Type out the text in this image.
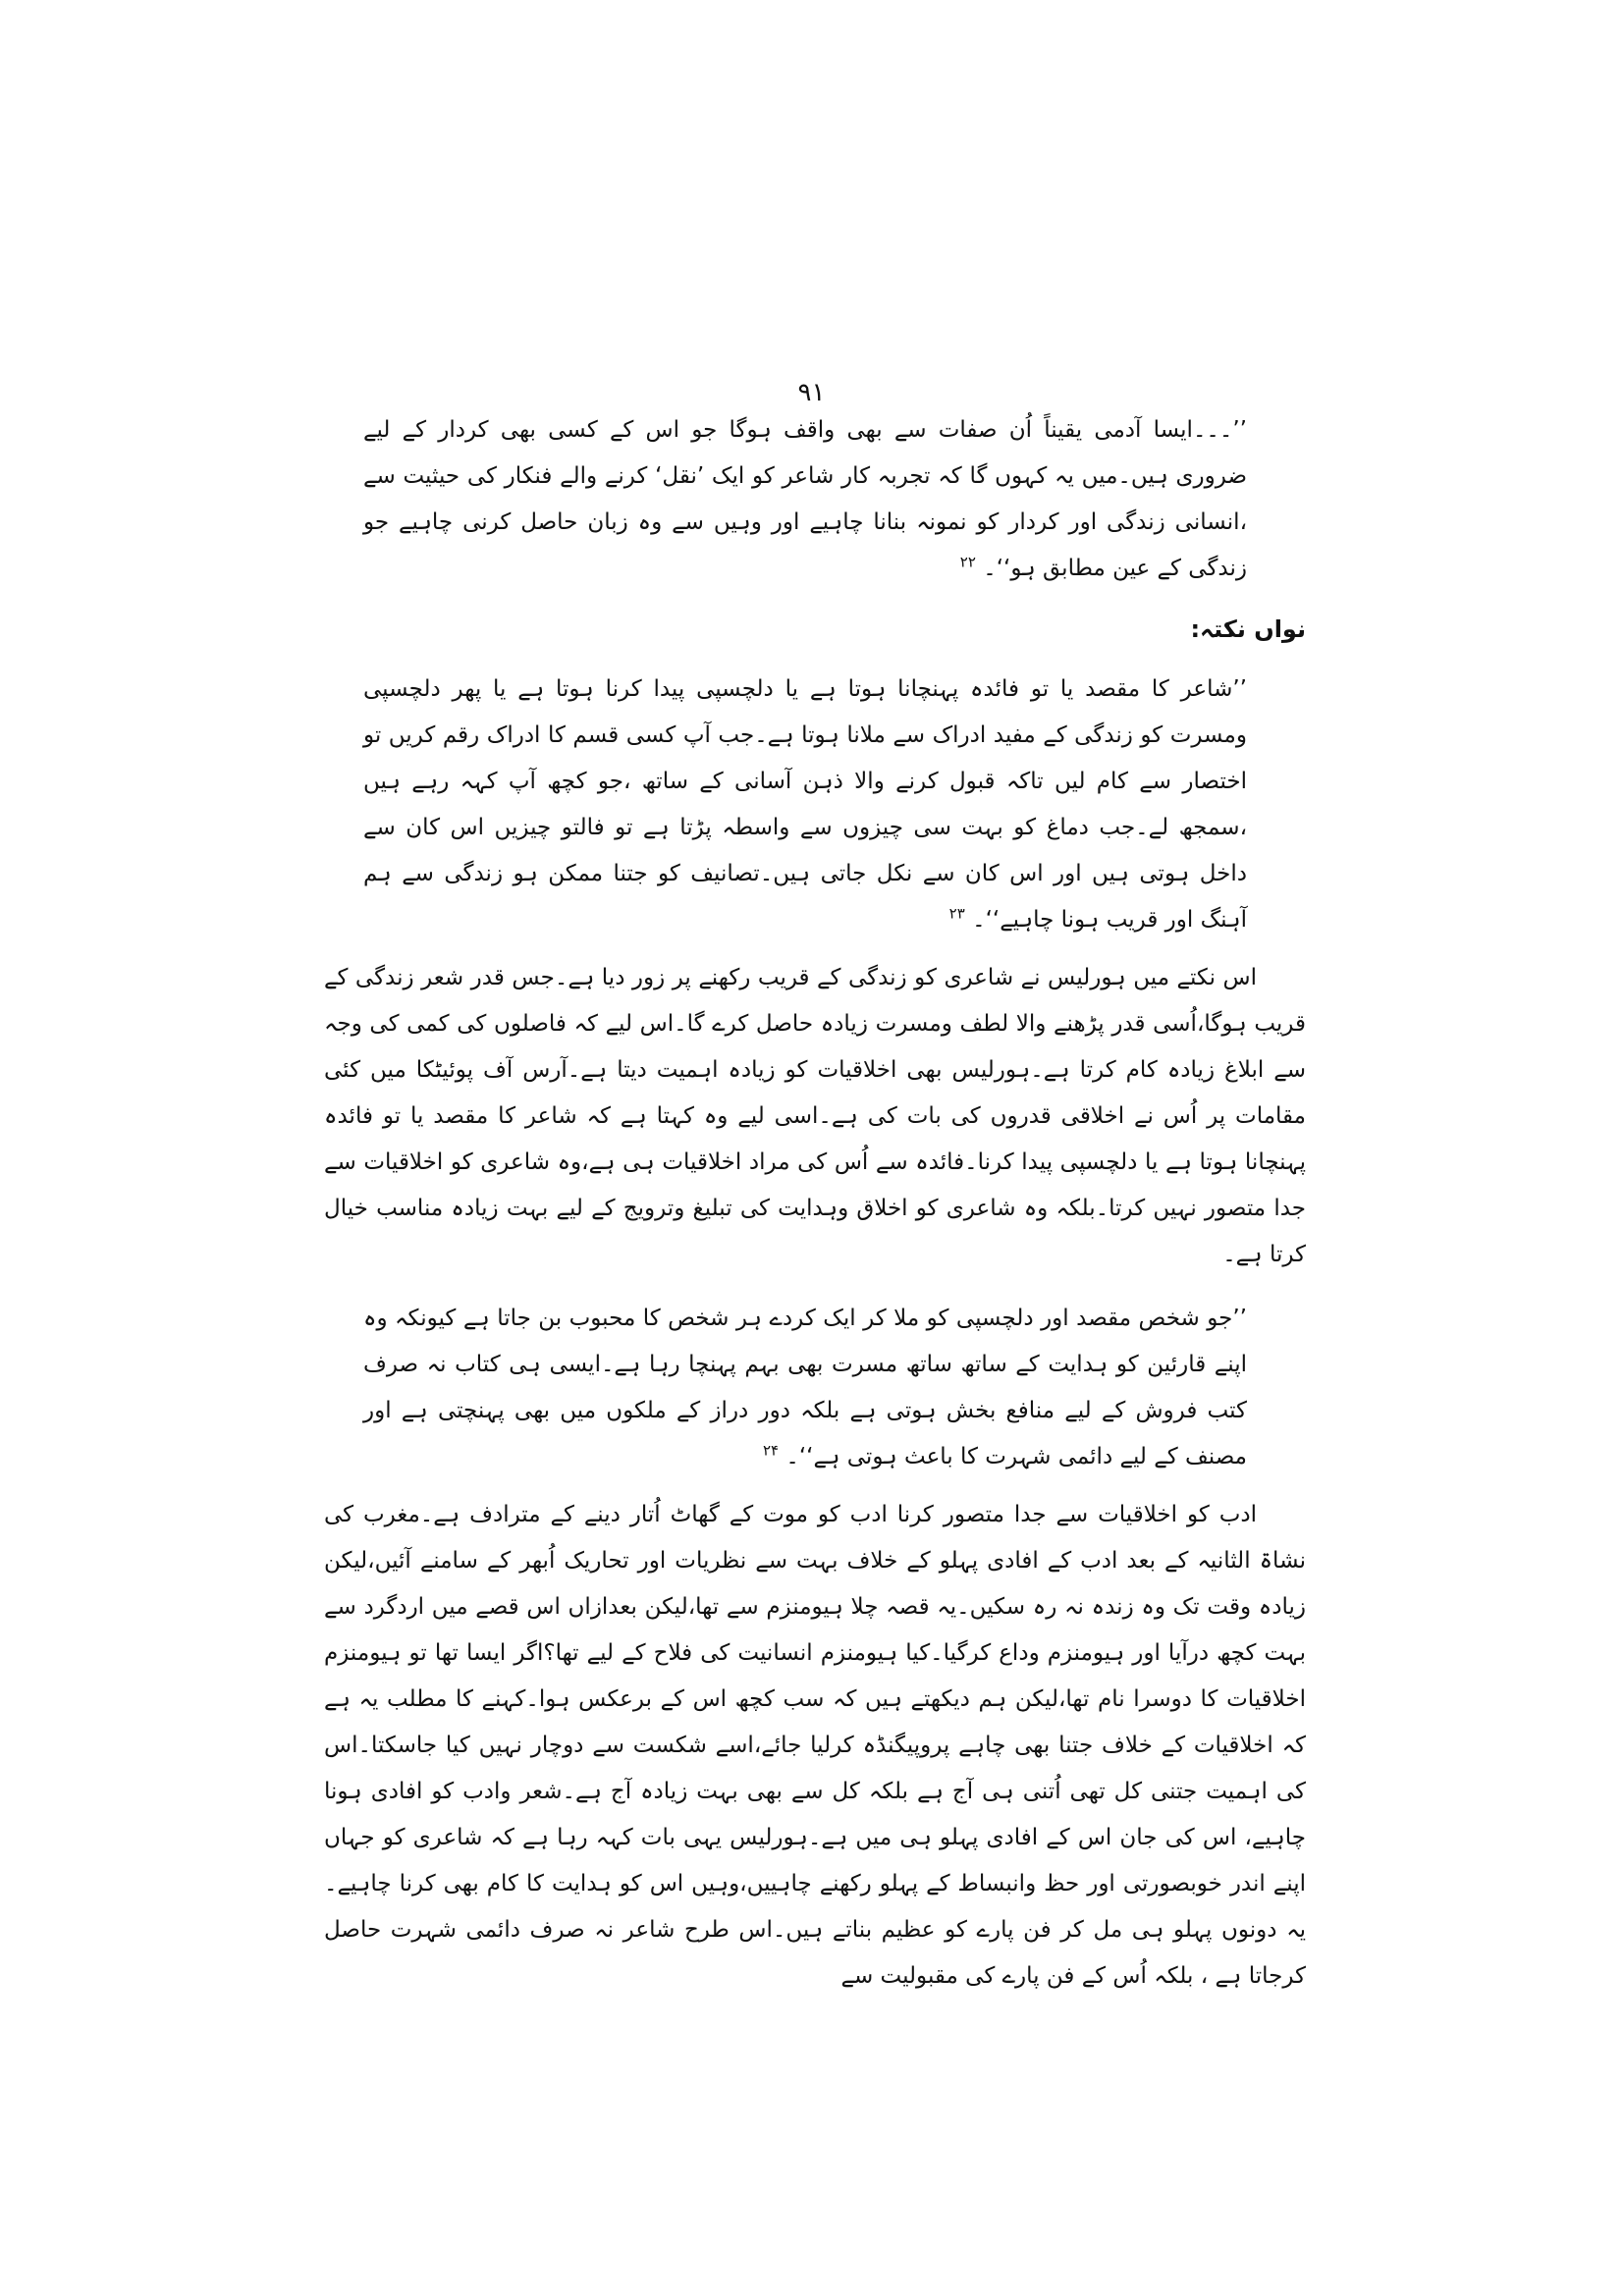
۹۱

’’۔۔۔ایسا آدمی یقیناً اُن صفات سے بھی واقف ہوگا جو اس کے کسی بھی کردار کے لیے ضروری ہیں۔میں یہ کہوں گا کہ تجربہ کار شاعر کو ایک ’نقل‘ کرنے والے فنکار کی حیثیت سے ،انسانی زندگی اور کردار کو نمونہ بنانا چاہیے اور وہیں سے وہ زبان حاصل کرنی چاہیے جو زندگی کے عین مطابق ہو‘‘۔ $^{۲۲}$

نواں نکتہ:

’’شاعر کا مقصد یا تو فائدہ پہنچانا ہوتا ہے یا دلچسپی پیدا کرنا ہوتا ہے یا پھر دلچسپی ومسرت کو زندگی کے مفید ادراک سے ملانا ہوتا ہے۔جب آپ کسی قسم کا ادراک رقم کریں تو اختصار سے کام لیں تاکہ قبول کرنے والا ذہن آسانی کے ساتھ ،جو کچھ آپ کہہ رہے ہیں ،سمجھ لے۔جب دماغ کو بہت سی چیزوں سے واسطہ پڑتا ہے تو فالتو چیزیں اس کان سے داخل ہوتی ہیں اور اس کان سے نکل جاتی ہیں۔تصانیف کو جتنا ممکن ہو زندگی سے ہم آہنگ اور قریب ہونا چاہیے‘‘۔ $^{۲۳}$

اس نکتے میں ہورلیس نے شاعری کو زندگی کے قریب رکھنے پر زور دیا ہے۔جس قدر شعر زندگی کے قریب ہوگا،اُسی قدر پڑھنے والا لطف ومسرت زیادہ حاصل کرے گا۔اس لیے کہ فاصلوں کی کمی کی وجہ سے ابلاغ زیادہ کام کرتا ہے۔ہورلیس بھی اخلاقیات کو زیادہ اہمیت دیتا ہے۔آرس آف پوئیٹکا میں کئی مقامات پر اُس نے اخلاقی قدروں کی بات کی ہے۔اسی لیے وہ کہتا ہے کہ شاعر کا مقصد یا تو فائدہ پہنچانا ہوتا ہے یا دلچسپی پیدا کرنا۔فائدہ سے اُس کی مراد اخلاقیات ہی ہے،وہ شاعری کو اخلاقیات سے جدا متصور نہیں کرتا۔بلکہ وہ شاعری کو اخلاق وہدایت کی تبلیغ وترویج کے لیے بہت زیادہ مناسب خیال کرتا ہے۔

’’جو شخص مقصد اور دلچسپی کو ملا کر ایک کردے ہر شخص کا محبوب بن جاتا ہے کیونکہ وہ اپنے قارئین کو ہدایت کے ساتھ ساتھ مسرت بھی بہم پہنچا رہا ہے۔ایسی ہی کتاب نہ صرف کتب فروش کے لیے منافع بخش ہوتی ہے بلکہ دور دراز کے ملکوں میں بھی پہنچتی ہے اور مصنف کے لیے دائمی شہرت کا باعث ہوتی ہے‘‘۔ $^{۲۴}$

ادب کو اخلاقیات سے جدا متصور کرنا ادب کو موت کے گھاٹ اُتار دینے کے مترادف ہے۔مغرب کی نشاۃ الثانیہ کے بعد ادب کے افادی پہلو کے خلاف بہت سے نظریات اور تحاریک اُبھر کے سامنے آئیں،لیکن زیادہ وقت تک وہ زندہ نہ رہ سکیں۔یہ قصہ چلا ہیومنزم سے تھا،لیکن بعدازاں اس قصے میں اردگرد سے بہت کچھ درآیا اور ہیومنزم وداع کرگیا۔کیا ہیومنزم انسانیت کی فلاح کے لیے تھا؟اگر ایسا تھا تو ہیومنزم اخلاقیات کا دوسرا نام تھا،لیکن ہم دیکھتے ہیں کہ سب کچھ اس کے برعکس ہوا۔کہنے کا مطلب یہ ہے کہ اخلاقیات کے خلاف جتنا بھی چاہے پروپیگنڈہ کرلیا جائے،اسے شکست سے دوچار نہیں کیا جاسکتا۔اس کی اہمیت جتنی کل تھی اُتنی ہی آج ہے بلکہ کل سے بھی بہت زیادہ آج ہے۔شعر وادب کو افادی ہونا چاہیے، اس کی جان اس کے افادی پہلو ہی میں ہے۔ہورلیس یہی بات کہہ رہا ہے کہ شاعری کو جہاں اپنے اندر خوبصورتی اور حظ وانبساط کے پہلو رکھنے چاہییں،وہیں اس کو ہدایت کا کام بھی کرنا چاہیے۔یہ دونوں پہلو ہی مل کر فن پارے کو عظیم بناتے ہیں۔اس طرح شاعر نہ صرف دائمی شہرت حاصل کرجاتا ہے ، بلکہ اُس کے فن پارے کی مقبولیت سے
